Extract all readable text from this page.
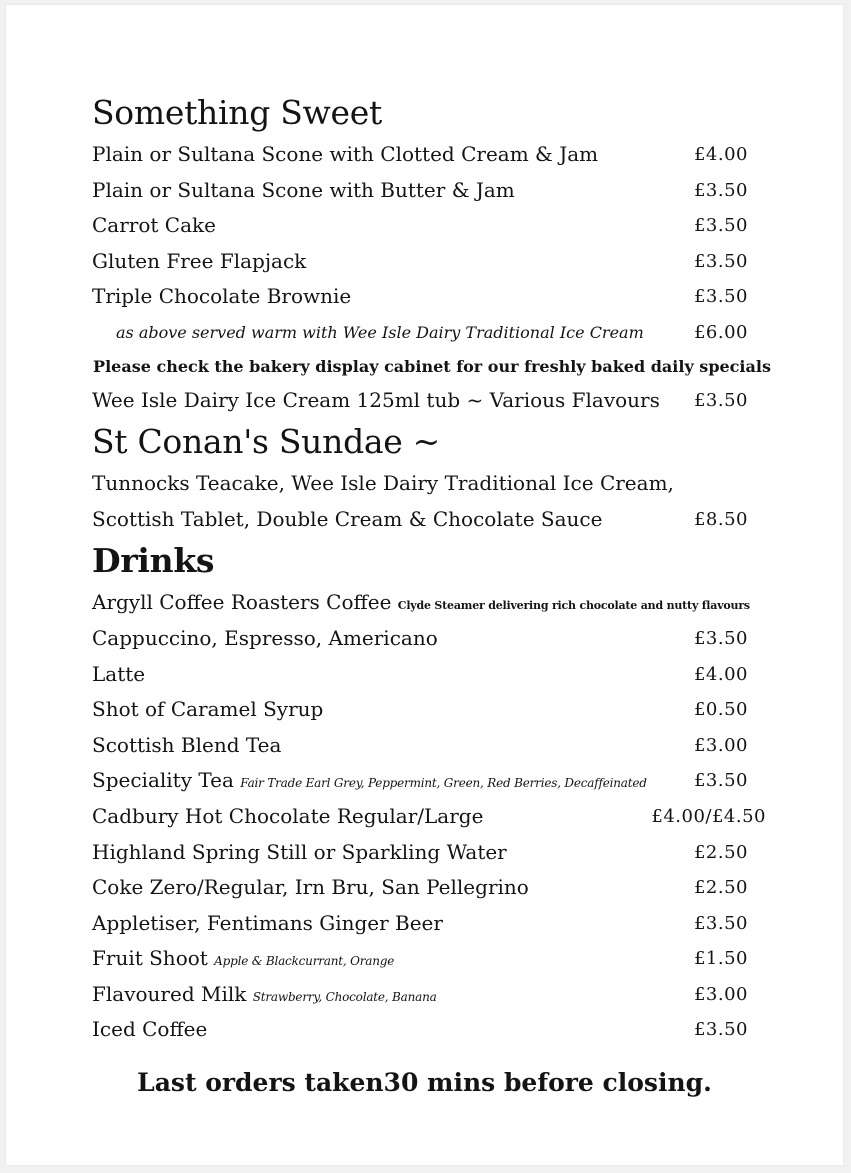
Something Sweet
Plain or Sultana Scone with Clotted Cream & Jam	£4.00
Plain or Sultana Scone with Butter & Jam	£3.50
Carrot Cake	£3.50
Gluten Free Flapjack	£3.50
Triple Chocolate Brownie	£3.50
as above served warm with Wee Isle Dairy Traditional Ice Cream	£6.00
Please check the bakery display cabinet for our freshly baked daily specials
Wee Isle Dairy Ice Cream 125ml tub ~ Various Flavours £3.50
St Conan's Sundae ~
Tunnocks Teacake, Wee Isle Dairy Traditional Ice Cream,
Scottish Tablet, Double Cream & Chocolate Sauce	£8.50
Drinks
Argyll Coffee Roasters Coffee Clyde Steamer delivering rich chocolate and nutty flavours
Cappuccino, Espresso, Americano	£3.50
Latte	£4.00
Shot of Caramel Syrup	£0.50
Scottish Blend Tea	£3.00
Speciality Tea Fair Trade Earl Grey, Peppermint, Green, Red Berries, Decaffeinated	£3.50
Cadbury Hot Chocolate Regular/Large	£4.00/£4.50
Highland Spring Still or Sparkling Water	£2.50
Coke Zero/Regular, Irn Bru, San Pellegrino	£2.50
Appletiser, Fentimans Ginger Beer	£3.50
Fruit Shoot Apple & Blackcurrant, Orange	£1.50
Flavoured Milk Strawberry, Chocolate, Banana	£3.00
Iced Coffee	£3.50
Last orders taken30 mins before closing.
